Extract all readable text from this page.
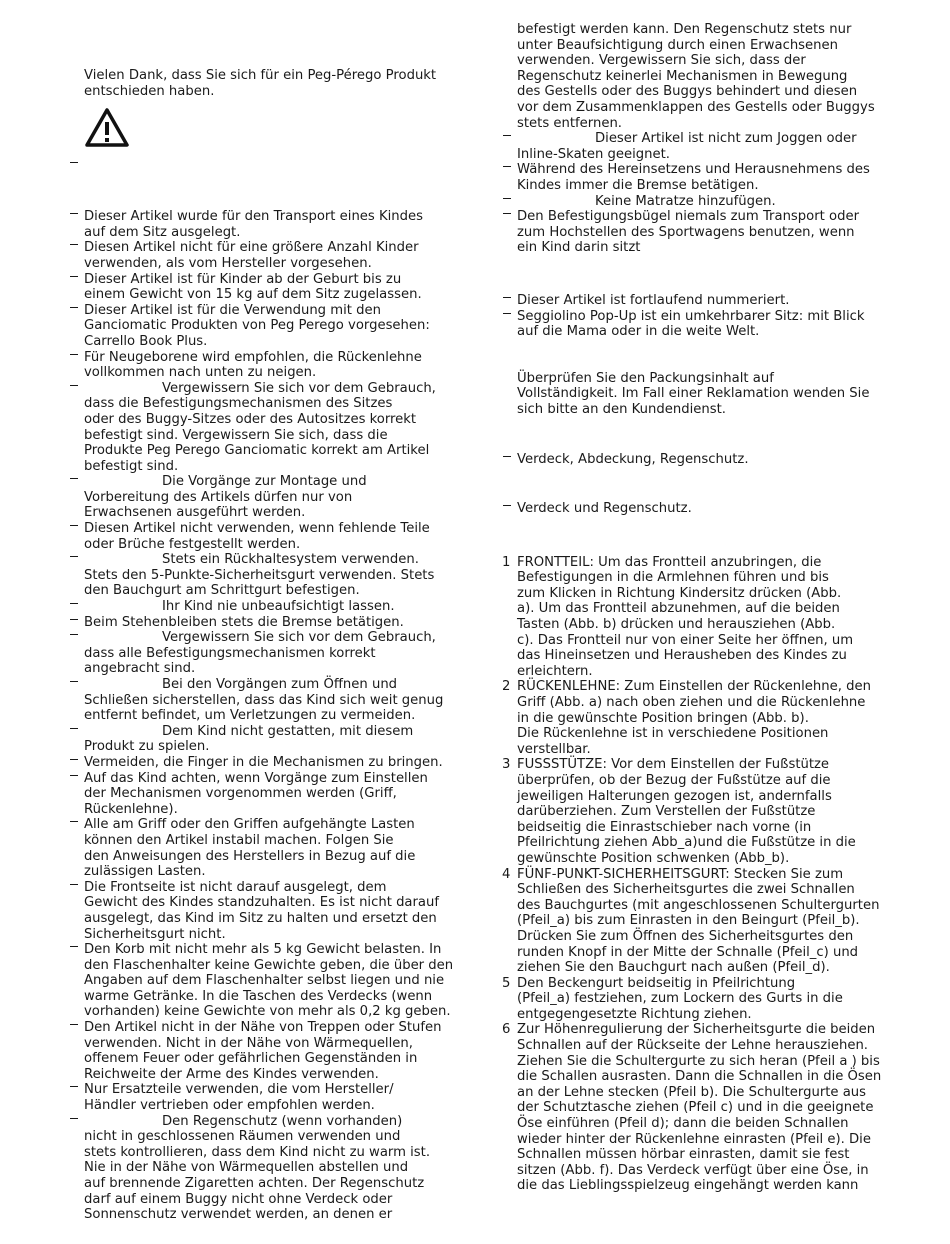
Vielen Dank, dass Sie sich für ein Peg-Pérego Produkt
entschieden haben.

Dieser Artikel wurde für den Transport eines Kindes
auf dem Sitz ausgelegt.

Diesen Artikel nicht für eine größere Anzahl Kinder
verwenden, als vom Hersteller vorgesehen.

Dieser Artikel ist für Kinder ab der Geburt bis zu
einem Gewicht von 15 kg auf dem Sitz zugelassen.

Dieser Artikel ist für die Verwendung mit den
Ganciomatic Produkten von Peg Perego vorgesehen:
Carrello Book Plus.

Für Neugeborene wird empfohlen, die Rückenlehne
vollkommen nach unten zu neigen.

Vergewissern Sie sich vor dem Gebrauch,
dass die Befestigungsmechanismen des Sitzes
oder des Buggy-Sitzes oder des Autositzes korrekt
befestigt sind. Vergewissern Sie sich, dass die
Produkte Peg Perego Ganciomatic korrekt am Artikel
befestigt sind.

Die Vorgänge zur Montage und
Vorbereitung des Artikels dürfen nur von
Erwachsenen ausgeführt werden.

Diesen Artikel nicht verwenden, wenn fehlende Teile
oder Brüche festgestellt werden.

Stets ein Rückhaltesystem verwenden.
Stets den 5-Punkte-Sicherheitsgurt verwenden. Stets
den Bauchgurt am Schrittgurt befestigen.

Ihr Kind nie unbeaufsichtigt lassen.

Beim Stehenbleiben stets die Bremse betätigen.

Vergewissern Sie sich vor dem Gebrauch,
dass alle Befestigungsmechanismen korrekt
angebracht sind.

Bei den Vorgängen zum Öffnen und
Schließen sicherstellen, dass das Kind sich weit genug
entfernt befindet, um Verletzungen zu vermeiden.

Dem Kind nicht gestatten, mit diesem
Produkt zu spielen.

Vermeiden, die Finger in die Mechanismen zu bringen.

Auf das Kind achten, wenn Vorgänge zum Einstellen
der Mechanismen vorgenommen werden (Griff,
Rückenlehne).

Alle am Griff oder den Griffen aufgehängte Lasten
können den Artikel instabil machen. Folgen Sie
den Anweisungen des Herstellers in Bezug auf die
zulässigen Lasten.

Die Frontseite ist nicht darauf ausgelegt, dem
Gewicht des Kindes standzuhalten. Es ist nicht darauf
ausgelegt, das Kind im Sitz zu halten und ersetzt den
Sicherheitsgurt nicht.

Den Korb mit nicht mehr als 5 kg Gewicht belasten. In
den Flaschenhalter keine Gewichte geben, die über den
Angaben auf dem Flaschenhalter selbst liegen und nie
warme Getränke. In die Taschen des Verdecks (wenn
vorhanden) keine Gewichte von mehr als 0,2 kg geben.

Den Artikel nicht in der Nähe von Treppen oder Stufen
verwenden. Nicht in der Nähe von Wärmequellen,
offenem Feuer oder gefährlichen Gegenständen in
Reichweite der Arme des Kindes verwenden.

Nur Ersatzteile verwenden, die vom Hersteller/
Händler vertrieben oder empfohlen werden.

Den Regenschutz (wenn vorhanden)
nicht in geschlossenen Räumen verwenden und
stets kontrollieren, dass dem Kind nicht zu warm ist.
Nie in der Nähe von Wärmequellen abstellen und
auf brennende Zigaretten achten. Der Regenschutz
darf auf einem Buggy nicht ohne Verdeck oder
Sonnenschutz verwendet werden, an denen er

befestigt werden kann. Den Regenschutz stets nur
unter Beaufsichtigung durch einen Erwachsenen
verwenden. Vergewissern Sie sich, dass der
Regenschutz keinerlei Mechanismen in Bewegung
des Gestells oder des Buggys behindert und diesen
vor dem Zusammenklappen des Gestells oder Buggys
stets entfernen.

Dieser Artikel ist nicht zum Joggen oder
Inline-Skaten geeignet.

Während des Hereinsetzens und Herausnehmens des
Kindes immer die Bremse betätigen.

Keine Matratze hinzufügen.

Den Befestigungsbügel niemals zum Transport oder
zum Hochstellen des Sportwagens benutzen, wenn
ein Kind darin sitzt

Dieser Artikel ist fortlaufend nummeriert.

Seggiolino Pop-Up ist ein umkehrbarer Sitz: mit Blick
auf die Mama oder in die weite Welt.

Überprüfen Sie den Packungsinhalt auf
Vollständigkeit. Im Fall einer Reklamation wenden Sie
sich bitte an den Kundendienst.

Verdeck, Abdeckung, Regenschutz.

Verdeck und Regenschutz.

1 FRONTTEIL: Um das Frontteil anzubringen, die
Befestigungen in die Armlehnen führen und bis
zum Klicken in Richtung Kindersitz drücken (Abb.
a). Um das Frontteil abzunehmen, auf die beiden
Tasten (Abb. b) drücken und herausziehen (Abb.
c). Das Frontteil nur von einer Seite her öffnen, um
das Hineinsetzen und Herausheben des Kindes zu
erleichtern.

2 RÜCKENLEHNE: Zum Einstellen der Rückenlehne, den
Griff (Abb. a) nach oben ziehen und die Rückenlehne
in die gewünschte Position bringen (Abb. b).
Die Rückenlehne ist in verschiedene Positionen
verstellbar.

3 FUSSSTÜTZE: Vor dem Einstellen der Fußstütze
überprüfen, ob der Bezug der Fußstütze auf die
jeweiligen Halterungen gezogen ist, andernfalls
darüberziehen. Zum Verstellen der Fußstütze
beidseitig die Einrastschieber nach vorne (in
Pfeilrichtung ziehen Abb_a)und die Fußstütze in die
gewünschte Position schwenken (Abb_b).

4 FÜNF-PUNKT-SICHERHEITSGURT: Stecken Sie zum
Schließen des Sicherheitsgurtes die zwei Schnallen
des Bauchgurtes (mit angeschlossenen Schultergurten
(Pfeil_a) bis zum Einrasten in den Beingurt (Pfeil_b).
Drücken Sie zum Öffnen des Sicherheitsgurtes den
runden Knopf in der Mitte der Schnalle (Pfeil_c) und
ziehen Sie den Bauchgurt nach außen (Pfeil_d).

5 Den Beckengurt beidseitig in Pfeilrichtung
(Pfeil_a) festziehen, zum Lockern des Gurts in die
entgegengesetzte Richtung ziehen.

6 Zur Höhenregulierung der Sicherheitsgurte die beiden
Schnallen auf der Rückseite der Lehne herausziehen.
Ziehen Sie die Schultergurte zu sich heran (Pfeil a ) bis
die Schallen ausrasten. Dann die Schnallen in die Ösen
an der Lehne stecken (Pfeil b). Die Schultergurte aus
der Schutztasche ziehen (Pfeil c) und in die geeignete
Öse einführen (Pfeil d); dann die beiden Schnallen
wieder hinter der Rückenlehne einrasten (Pfeil e). Die
Schnallen müssen hörbar einrasten, damit sie fest
sitzen (Abb. f). Das Verdeck verfügt über eine Öse, in
die das Lieblingsspielzeug eingehängt werden kann
